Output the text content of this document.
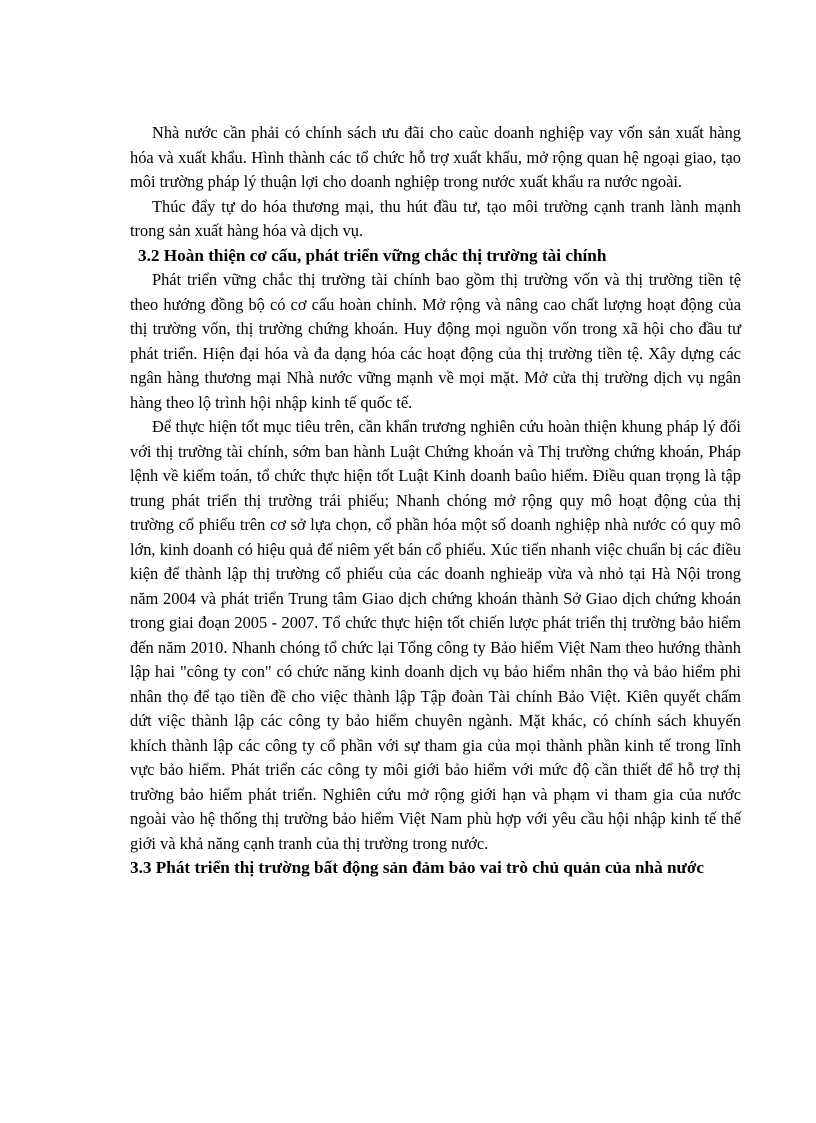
Nhà nước cần phải có chính sách ưu đãi cho caùc doanh nghiệp vay vốn sản xuất hàng hóa và xuất khẩu. Hình thành các tổ chức hỗ trợ xuất khẩu, mở rộng quan hệ ngoại giao, tạo môi trường pháp lý thuận lợi cho doanh nghiệp trong nước xuất khẩu ra nước ngoài.

Thúc đẩy tự do hóa thương mại, thu hút đầu tư, tạo môi trường cạnh tranh lành mạnh trong sản xuất hàng hóa và dịch vụ.

3.2 Hoàn thiện cơ cấu, phát triển vững chắc thị trường tài chính

Phát triển vững chắc thị trường tài chính bao gồm thị trường vốn và thị trường tiền tệ theo hướng đồng bộ có cơ cấu hoàn chỉnh. Mở rộng và nâng cao chất lượng hoạt động của thị trường vốn, thị trường chứng khoán. Huy động mọi nguồn vốn trong xã hội cho đầu tư phát triển. Hiện đại hóa và đa dạng hóa các hoạt động của thị trường tiền tệ. Xây dựng các ngân hàng thương mại Nhà nước vững mạnh về mọi mặt. Mở cửa thị trường dịch vụ ngân hàng theo lộ trình hội nhập kinh tế quốc tế.

Để thực hiện tốt mục tiêu trên, cần khẩn trương nghiên cứu hoàn thiện khung pháp lý đối với thị trường tài chính, sớm ban hành Luật Chứng khoán và Thị trường chứng khoán, Pháp lệnh về kiểm toán, tổ chức thực hiện tốt Luật Kinh doanh baûo hiểm. Điều quan trọng là tập trung phát triển thị trường trái phiếu; Nhanh chóng mở rộng quy mô hoạt động của thị trường cổ phiếu trên cơ sở lựa chọn, cổ phần hóa một số doanh nghiệp nhà nước có quy mô lớn, kinh doanh có hiệu quả để niêm yết bán cổ phiếu. Xúc tiến nhanh việc chuẩn bị các điều kiện để thành lập thị trường cổ phiếu của các doanh nghieäp vừa và nhỏ tại Hà Nội trong năm 2004 và phát triển Trung tâm Giao dịch chứng khoán thành Sở Giao dịch chứng khoán trong giai đoạn 2005 - 2007. Tổ chức thực hiện tốt chiến lược phát triển thị trường bảo hiểm đến năm 2010. Nhanh chóng tổ chức lại Tổng công ty Bảo hiểm Việt Nam theo hướng thành lập hai "công ty con" có chức năng kinh doanh dịch vụ bảo hiểm nhân thọ và bảo hiểm phi nhân thọ để tạo tiền đề cho việc thành lập Tập đoàn Tài chính Bảo Việt. Kiên quyết chấm dứt việc thành lập các công ty bảo hiểm chuyên ngành. Mặt khác, có chính sách khuyến khích thành lập các công ty cổ phần với sự tham gia của mọi thành phần kinh tế trong lĩnh vực bảo hiểm. Phát triển các công ty môi giới bảo hiểm với mức độ cần thiết để hỗ trợ thị trường bảo hiểm phát triển. Nghiên cứu mở rộng giới hạn và phạm vi tham gia của nước ngoài vào hệ thống thị trường bảo hiểm Việt Nam phù hợp với yêu cầu hội nhập kinh tế thế giới và khả năng cạnh tranh của thị trường trong nước.

3.3 Phát triển thị trường bất động sản đảm bảo vai trò chủ quản của nhà nước
